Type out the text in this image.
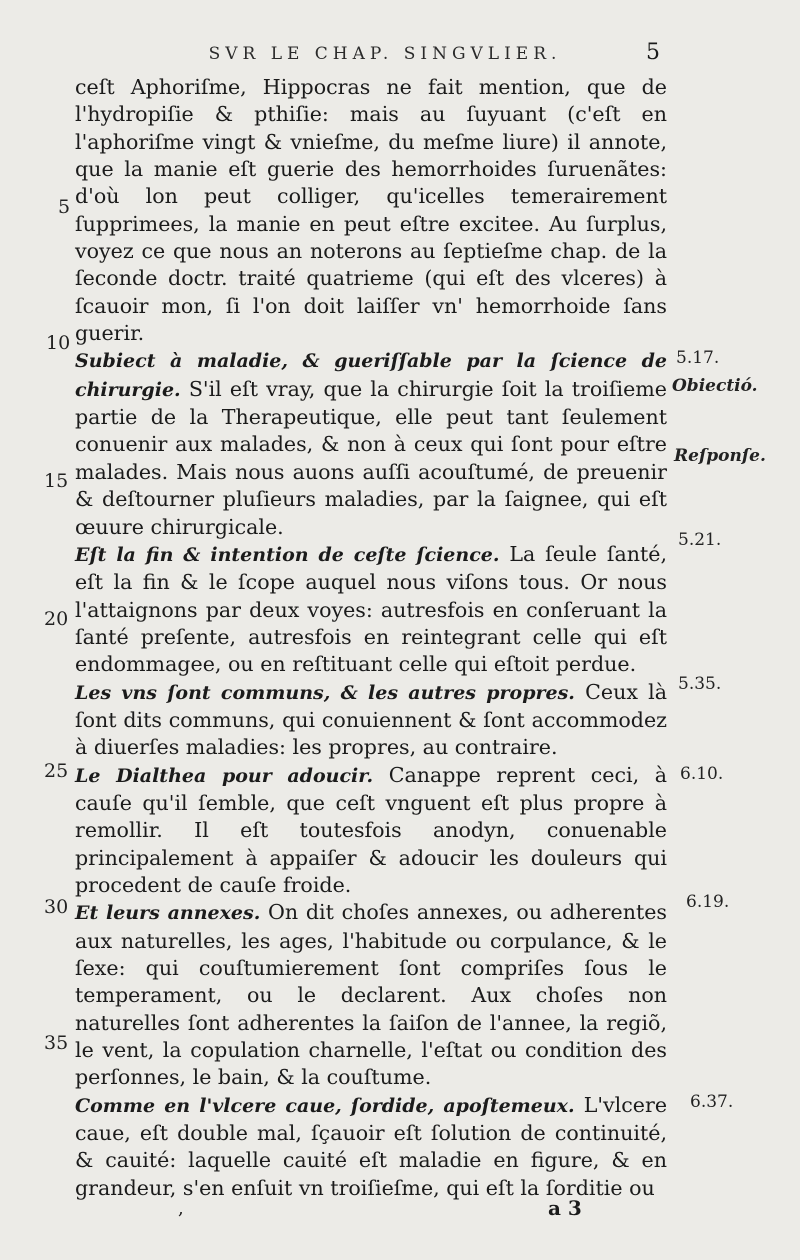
SVR LE CHAP. SINGVLIER.	5

ceſt Aphoriſme, Hippocras ne fait mention, que de l'hydropiſie & pthiſie: mais au ſuyuant (c'eſt en l'aphoriſme vingt & vnieſme, du meſme liure) il annote, que la manie eſt guerie des hemorrhoides ſuruenãtes: d'où lon peut colliger, qu'icelles temerairement ſupprimees, la manie en peut eſtre excitee. Au ſurplus, voyez ce que nous an noterons au ſeptieſme chap. de la ſeconde doctr. traité quatrieme (qui eſt des vlceres) à ſcauoir mon, ſi l'on doit laiſſer vn' hemorrhoide ſans guerir.

Subiect à maladie, & gueriſſable par la ſcience de chirurgie. S'il eſt vray, que la chirurgie ſoit la troiſieme partie de la Therapeutique, elle peut tant ſeulement conuenir aux malades, & non à ceux qui ſont pour eſtre malades. Mais nous auons auſſi acouſtumé, de preuenir & deſtourner pluſieurs maladies, par la ſaignee, qui eſt œuure chirurgicale.

Eſt la fin & intention de ceſte ſcience. La ſeule ſanté, eſt la fin & le ſcope auquel nous viſons tous. Or nous l'attaignons par deux voyes: autresfois en conſeruant la ſanté preſente, autresfois en reintegrant celle qui eſt endommagee, ou en reſtituant celle qui eſtoit perdue.

Les vns ſont communs, & les autres propres. Ceux là ſont dits communs, qui conuiennent & ſont accommodez à diuerſes maladies: les propres, au contraire.

Le Dialthea pour adoucir. Canappe reprent ceci, à cauſe qu'il ſemble, que ceſt vnguent eſt plus propre à remollir. Il eſt toutesfois anodyn, conuenable principalement à appaiſer & adoucir les douleurs qui procedent de cauſe froide.

Et leurs annexes. On dit choſes annexes, ou adherentes aux naturelles, les ages, l'habitude ou corpulance, & le ſexe: qui couſtumierement ſont compriſes ſous le temperament, ou le declarent. Aux choſes non naturelles ſont adherentes la ſaiſon de l'annee, la regiõ, le vent, la copulation charnelle, l'eſtat ou condition des perſonnes, le bain, & la couſtume.

Comme en l'vlcere caue, ſordide, apoſtemeux. L'vlcere caue, eſt double mal, ſçauoir eſt ſolution de continuité, & cauité: laquelle cauité eſt maladie en figure, & en grandeur, s'en enſuit vn troiſieſme, qui eſt la ſorditie ou

5
10
15
20
25
30
35
5.17.
Obiectió.
Reſponſe.
5.21.
5.35.
6.10.
6.19.
6.37.
,	a 3
